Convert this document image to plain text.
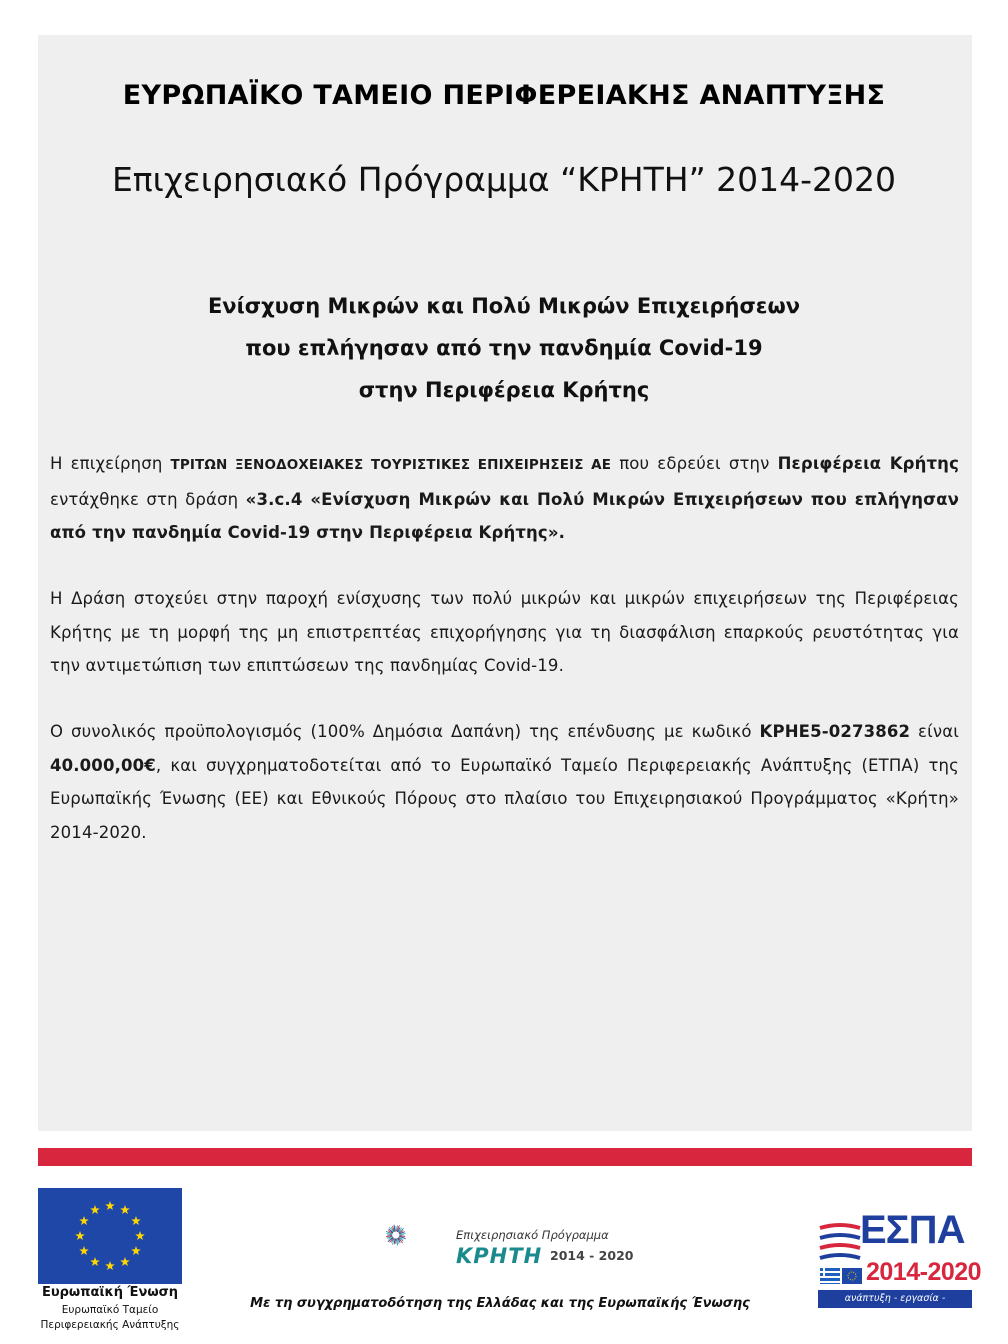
ΕΥΡΩΠΑΪΚΟ ΤΑΜΕΙΟ ΠΕΡΙΦΕΡΕΙΑΚΗΣ ΑΝΑΠΤΥΞΗΣ
Επιχειρησιακό Πρόγραμμα “ΚΡΗΤΗ” 2014-2020
Ενίσχυση Μικρών και Πολύ Μικρών Επιχειρήσεων
που επλήγησαν από την πανδημία Covid-19
στην Περιφέρεια Κρήτης
Η επιχείρηση ΤΡΙΤΩΝ ΞΕΝΟΔΟΧΕΙΑΚΕΣ ΤΟΥΡΙΣΤΙΚΕΣ ΕΠΙΧΕΙΡΗΣΕΙΣ ΑΕ που εδρεύει στην Περιφέρεια Κρήτης εντάχθηκε στη δράση «3.c.4 «Ενίσχυση Μικρών και Πολύ Μικρών Επιχειρήσεων που επλήγησαν από την πανδημία Covid-19 στην Περιφέρεια Κρήτης».
Η Δράση στοχεύει στην παροχή ενίσχυσης των πολύ μικρών και μικρών επιχειρήσεων της Περιφέρειας Κρήτης με τη μορφή της μη επιστρεπτέας επιχορήγησης για τη διασφάλιση επαρκούς ρευστότητας για την αντιμετώπιση των επιπτώσεων της πανδημίας Covid-19.
Ο συνολικός προϋπολογισμός (100% Δημόσια Δαπάνη) της επένδυσης με κωδικό ΚΡΗΕ5-0273862 είναι 40.000,00€, και συγχρηματοδοτείται από το Ευρωπαϊκό Ταμείο Περιφερειακής Ανάπτυξης (ΕΤΠΑ) της Ευρωπαϊκής Ένωσης (ΕΕ) και Εθνικούς Πόρους στο πλαίσιο του Επιχειρησιακού Προγράμματος «Κρήτη» 2014-2020.
Ευρωπαϊκή Ένωση
Ευρωπαϊκό Ταμείο
Περιφερειακής Ανάπτυξης
Επιχειρησιακό Πρόγραμμα
ΚΡΗΤΗ 2014 - 2020
Με τη συγχρηματοδότηση της Ελλάδας και της Ευρωπαϊκής Ένωσης
ΕΣΠΑ
2014-2020
ανάπτυξη - εργασία - αλληλεγγύη
